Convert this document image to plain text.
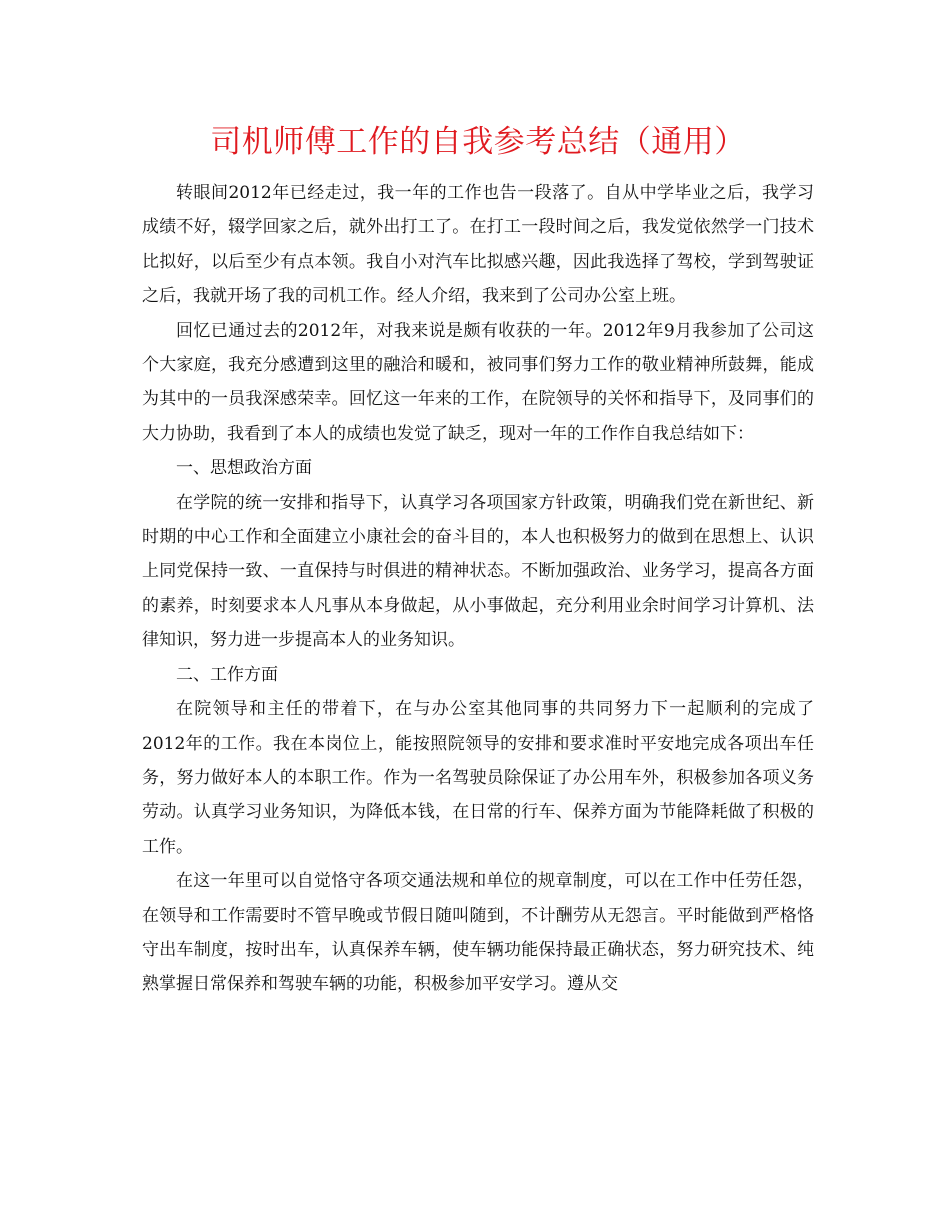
司机师傅工作的自我参考总结（通用）

转眼间2012年已经走过，我一年的工作也告一段落了。自从中学毕业之后，我学习成绩不好，辍学回家之后，就外出打工了。在打工一段时间之后，我发觉依然学一门技术比拟好，以后至少有点本领。我自小对汽车比拟感兴趣，因此我选择了驾校，学到驾驶证之后，我就开场了我的司机工作。经人介绍，我来到了公司办公室上班。

回忆已通过去的2012年，对我来说是颇有收获的一年。2012年9月我参加了公司这个大家庭，我充分感遭到这里的融洽和暖和，被同事们努力工作的敬业精神所鼓舞，能成为其中的一员我深感荣幸。回忆这一年来的工作，在院领导的关怀和指导下，及同事们的大力协助，我看到了本人的成绩也发觉了缺乏，现对一年的工作作自我总结如下：

一、思想政治方面

在学院的统一安排和指导下，认真学习各项国家方针政策，明确我们党在新世纪、新时期的中心工作和全面建立小康社会的奋斗目的，本人也积极努力的做到在思想上、认识上同党保持一致、一直保持与时俱进的精神状态。不断加强政治、业务学习，提高各方面的素养，时刻要求本人凡事从本身做起，从小事做起，充分利用业余时间学习计算机、法律知识，努力进一步提高本人的业务知识。

二、工作方面

在院领导和主任的带着下，在与办公室其他同事的共同努力下一起顺利的完成了2012年的工作。我在本岗位上，能按照院领导的安排和要求准时平安地完成各项出车任务，努力做好本人的本职工作。作为一名驾驶员除保证了办公用车外，积极参加各项义务劳动。认真学习业务知识，为降低本钱，在日常的行车、保养方面为节能降耗做了积极的工作。

在这一年里可以自觉恪守各项交通法规和单位的规章制度，可以在工作中任劳任怨，在领导和工作需要时不管早晚或节假日随叫随到，不计酬劳从无怨言。平时能做到严格恪守出车制度，按时出车，认真保养车辆，使车辆功能保持最正确状态，努力研究技术、纯熟掌握日常保养和驾驶车辆的功能，积极参加平安学习。遵从交
